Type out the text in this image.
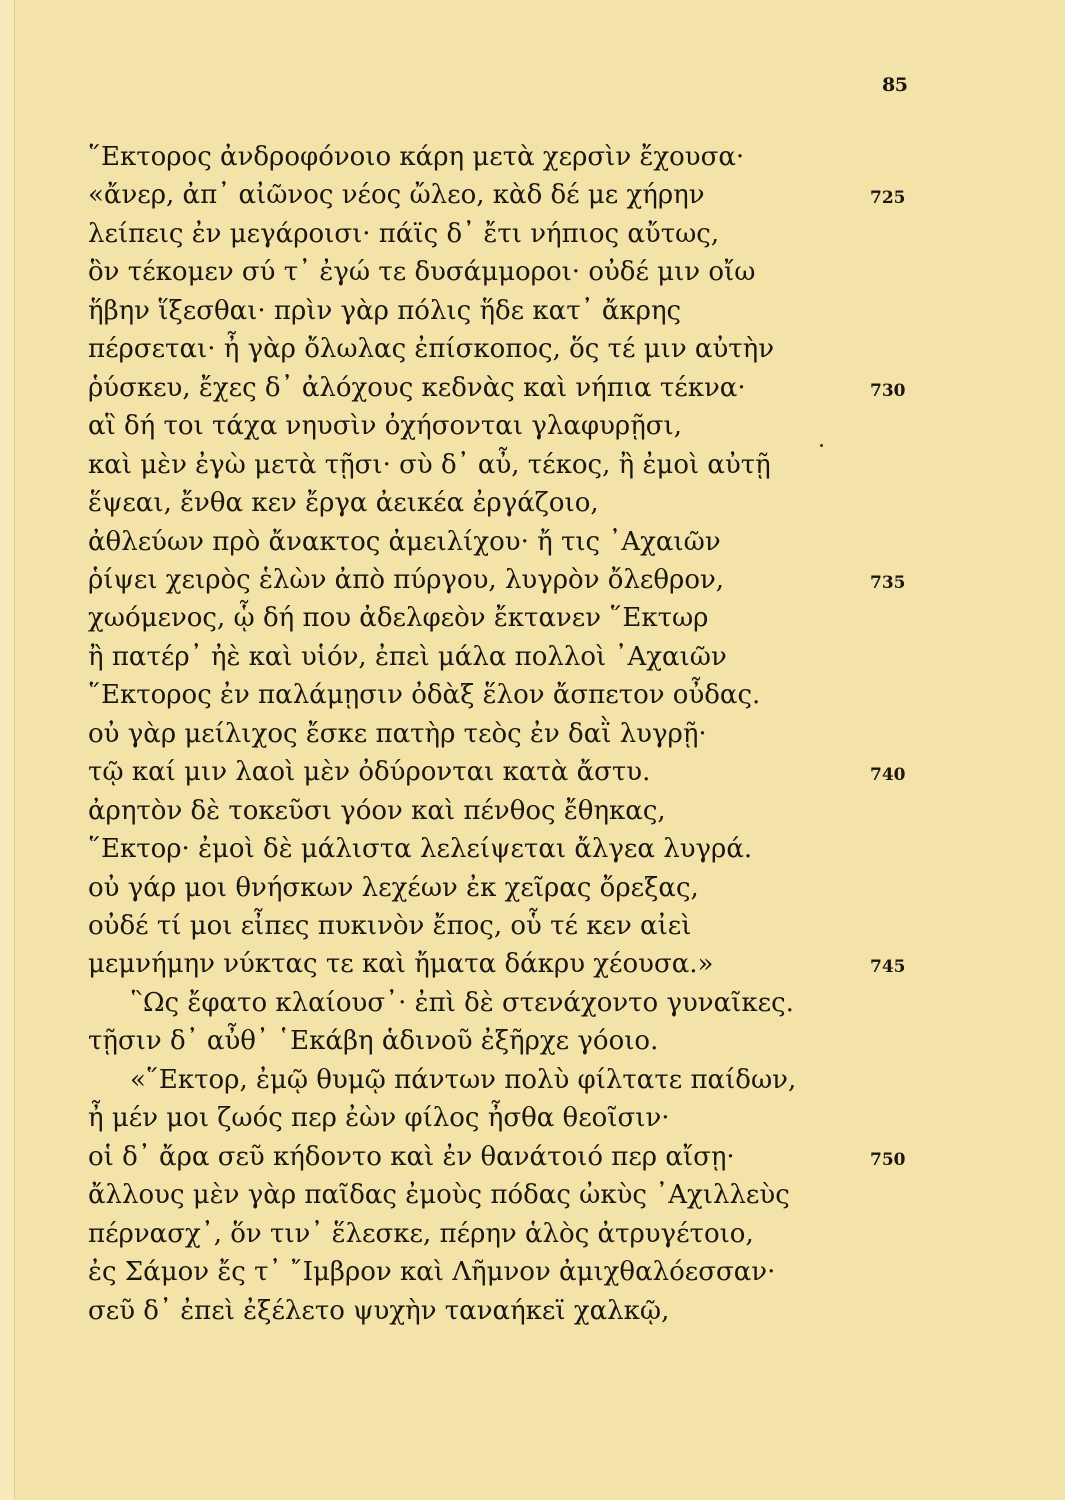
85
῞Εκτορος ἀνδροφόνοιο κάρη μετὰ χερσὶν ἔχουσα·
«ἄνερ, ἀπ᾽ αἰῶνος νέος ὤλεο, κὰδ δέ με χήρην	725
λείπεις ἐν μεγάροισι· πάϊς δ᾽ ἔτι νήπιος αὔτως,
ὃν τέκομεν σύ τ᾽ ἐγώ τε δυσάμμοροι· οὐδέ μιν οἴω
ἥβην ἵξεσθαι· πρὶν γὰρ πόλις ἥδε κατ᾽ ἄκρης
πέρσεται· ἦ γὰρ ὄλωλας ἐπίσκοπος, ὅς τέ μιν αὐτὴν
ῥύσκευ, ἔχες δ᾽ ἀλόχους κεδνὰς καὶ νήπια τέκνα·	730
αἳ δή τοι τάχα νηυσὶν ὀχήσονται γλαφυρῇσι,
καὶ μὲν ἐγὼ μετὰ τῇσι· σὺ δ᾽ αὖ, τέκος, ἢ ἐμοὶ αὐτῇ
ἕψεαι, ἔνθα κεν ἔργα ἀεικέα ἐργάζοιο,
ἀθλεύων πρὸ ἄνακτος ἀμειλίχου· ἤ τις ᾽Αχαιῶν
ῥίψει χειρὸς ἑλὼν ἀπὸ πύργου, λυγρὸν ὄλεθρον,	735
χωόμενος, ᾧ δή που ἀδελφεὸν ἔκτανεν ῞Εκτωρ
ἢ πατέρ᾽ ἠὲ καὶ υἱόν, ἐπεὶ μάλα πολλοὶ ᾽Αχαιῶν
῞Εκτορος ἐν παλάμῃσιν ὀδὰξ ἕλον ἄσπετον οὖδας.
οὐ γὰρ μείλιχος ἔσκε πατὴρ τεὸς ἐν δαῒ λυγρῇ·
τῷ καί μιν λαοὶ μὲν ὀδύρονται κατὰ ἄστυ.	740
ἀρητὸν δὲ τοκεῦσι γόον καὶ πένθος ἔθηκας,
῞Εκτορ· ἐμοὶ δὲ μάλιστα λελείψεται ἄλγεα λυγρά.
οὐ γάρ μοι θνήσκων λεχέων ἐκ χεῖρας ὄρεξας,
οὐδέ τί μοι εἶπες πυκινὸν ἔπος, οὗ τέ κεν αἰεὶ
μεμνήμην νύκτας τε καὶ ἤματα δάκρυ χέουσα.»	745
῝Ως ἔφατο κλαίουσ᾽· ἐπὶ δὲ στενάχοντο γυναῖκες.
τῇσιν δ᾽ αὖθ᾽ ῾Εκάβη ἁδινοῦ ἐξῆρχε γόοιο.
«῞Εκτορ, ἐμῷ θυμῷ πάντων πολὺ φίλτατε παίδων,
ἦ μέν μοι ζωός περ ἐὼν φίλος ἦσθα θεοῖσιν·
οἱ δ᾽ ἄρα σεῦ κήδοντο καὶ ἐν θανάτοιό περ αἴσῃ·	750
ἄλλους μὲν γὰρ παῖδας ἐμοὺς πόδας ὠκὺς ᾽Αχιλλεὺς
πέρνασχ᾽, ὅν τιν᾽ ἕλεσκε, πέρην ἁλὸς ἀτρυγέτοιο,
ἐς Σάμον ἔς τ᾽ ῎Ιμβρον καὶ Λῆμνον ἀμιχθαλόεσσαν·
σεῦ δ᾽ ἐπεὶ ἐξέλετο ψυχὴν ταναήκεϊ χαλκῷ,
